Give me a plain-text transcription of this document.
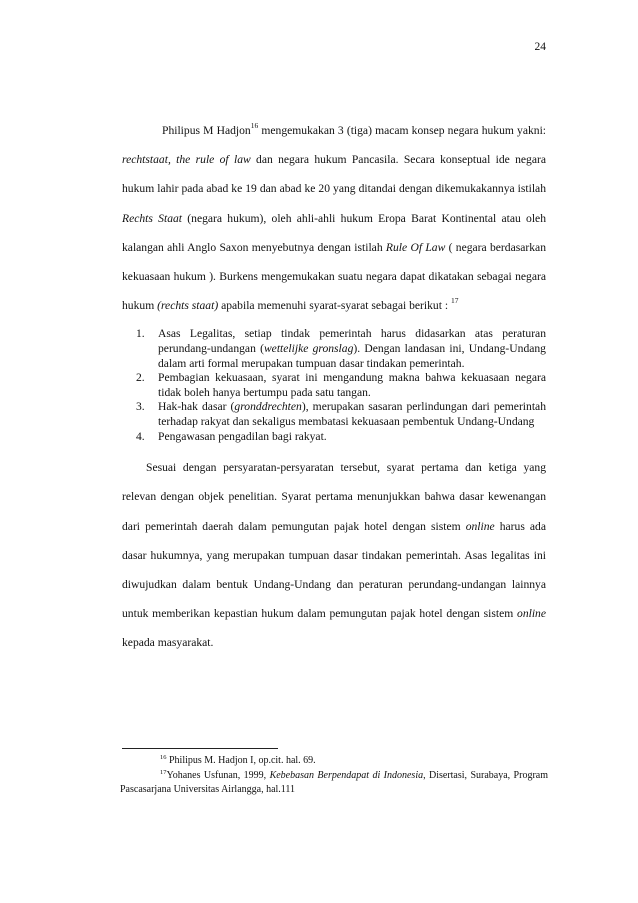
24

Philipus M Hadjon$^{16}$ mengemukakan 3 (tiga) macam konsep negara hukum yakni: rechtstaat, the rule of law dan negara hukum Pancasila. Secara konseptual ide negara hukum lahir pada abad ke 19 dan abad ke 20 yang ditandai dengan dikemukakannya istilah Rechts Staat (negara hukum), oleh ahli-ahli hukum Eropa Barat Kontinental atau oleh kalangan ahli Anglo Saxon menyebutnya dengan istilah Rule Of Law ( negara berdasarkan kekuasaan hukum ). Burkens mengemukakan suatu negara dapat dikatakan sebagai negara hukum (rechts staat) apabila memenuhi syarat-syarat sebagai berikut : $^{17}$

1. Asas Legalitas, setiap tindak pemerintah harus didasarkan atas peraturan perundang-undangan (wettelijke gronslag). Dengan landasan ini, Undang-Undang dalam arti formal merupakan tumpuan dasar tindakan pemerintah.
2. Pembagian kekuasaan, syarat ini mengandung makna bahwa kekuasaan negara tidak boleh hanya bertumpu pada satu tangan.
3. Hak-hak dasar (gronddrechten), merupakan sasaran perlindungan dari pemerintah terhadap rakyat dan sekaligus membatasi kekuasaan pembentuk Undang-Undang
4. Pengawasan pengadilan bagi rakyat.

Sesuai dengan persyaratan-persyaratan tersebut, syarat pertama dan ketiga yang relevan dengan objek penelitian. Syarat pertama menunjukkan bahwa dasar kewenangan dari pemerintah daerah dalam pemungutan pajak hotel dengan sistem online harus ada dasar hukumnya, yang merupakan tumpuan dasar tindakan pemerintah. Asas legalitas ini diwujudkan dalam bentuk Undang-Undang dan peraturan perundang-undangan lainnya untuk memberikan kepastian hukum dalam pemungutan pajak hotel dengan sistem online kepada masyarakat.

$^{16}$ Philipus M. Hadjon I, op.cit. hal. 69.

$^{17}$Yohanes Usfunan, 1999, Kebebasan Berpendapat di Indonesia, Disertasi, Surabaya, Program Pascasarjana Universitas Airlangga, hal.111
